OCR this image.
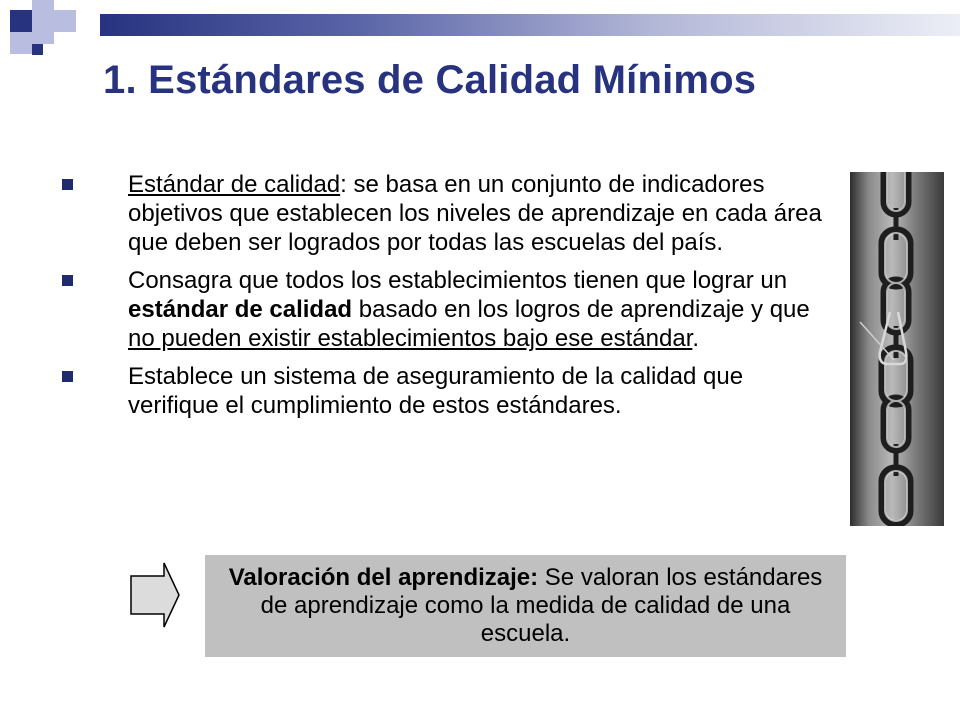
1. Estándares de Calidad Mínimos
Estándar de calidad: se basa en un conjunto de indicadores objetivos que establecen los niveles de aprendizaje en cada área que deben ser logrados por todas las escuelas del país.
Consagra que todos los establecimientos tienen que lograr un estándar de calidad basado en los logros de aprendizaje y que no pueden existir establecimientos bajo ese estándar.
Establece un sistema de aseguramiento de la calidad que verifique el cumplimiento de estos estándares.

Valoración del aprendizaje: Se valoran los estándares de aprendizaje como la medida de calidad de una escuela.
